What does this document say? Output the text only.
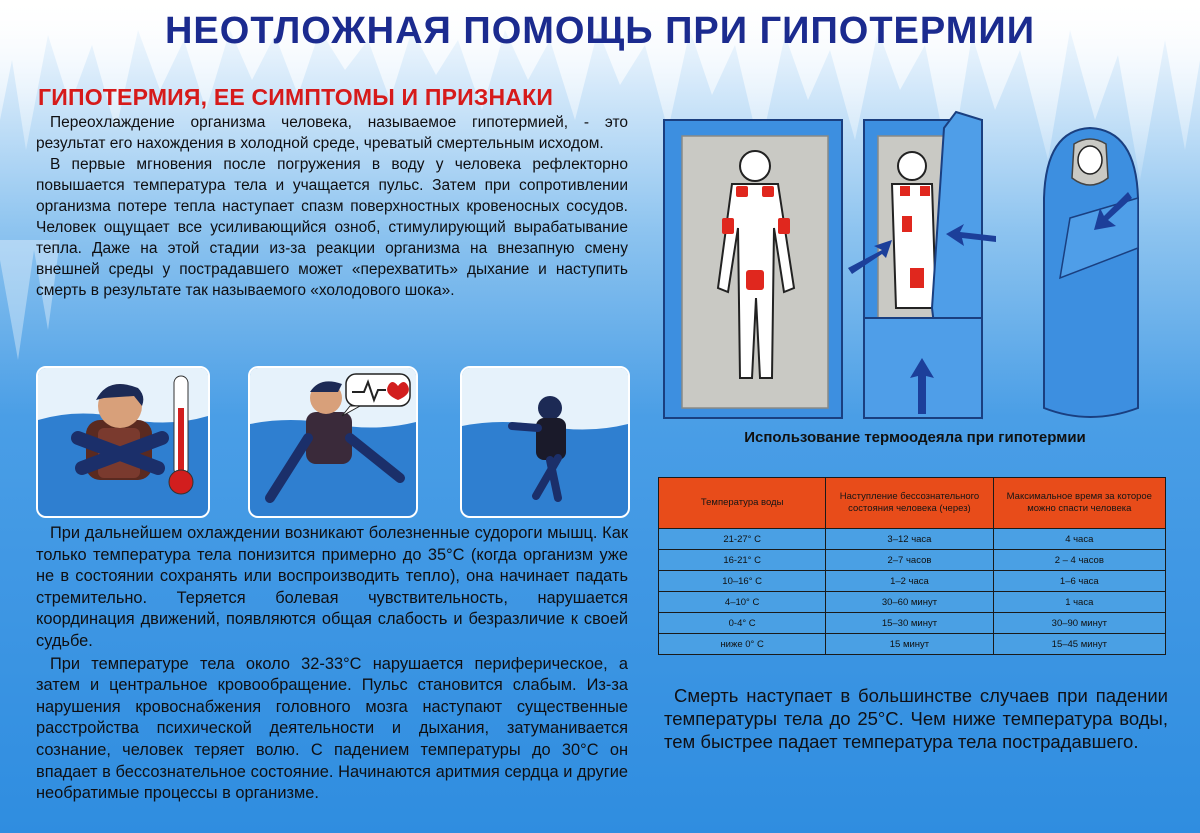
НЕОТЛОЖНАЯ ПОМОЩЬ ПРИ ГИПОТЕРМИИ
ГИПОТЕРМИЯ, ЕЕ СИМПТОМЫ И ПРИЗНАКИ

Переохлаждение организма человека, называемое гипотермией, - это результат его нахождения в холодной среде, чреватый смертельным исходом.

В первые мгновения после погружения в воду у человека рефлекторно повышается температура тела и учащается пульс. Затем при сопротивлении организма потере тепла наступает спазм поверхностных кровеносных сосудов. Человек ощущает все усиливающийся озноб, стимулирующий вырабатывание тепла. Даже на этой стадии из-за реакции организма на внезапную смену внешней среды у пострадавшего может «перехватить» дыхание и наступить смерть в результате так называемого «холодового шока».

При дальнейшем охлаждении возникают болезненные судороги мышц. Как только температура тела понизится примерно до 35°С (когда организм уже не в состоянии сохранять или воспроизводить тепло), она начинает падать стремительно. Теряется болевая чувствительность, нарушается координация движений, появляются общая слабость и безразличие к своей судьбе.

При температуре тела около 32-33°С нарушается периферическое, а затем и центральное кровообращение. Пульс становится слабым. Из-за нарушения кровоснабжения головного мозга наступают существенные расстройства психической деятельности и дыхания, затуманивается сознание, человек теряет волю. С падением температуры до 30°С он впадает в бессознательное состояние. Начинаются аритмия сердца и другие необратимые процессы в организме.

Использование термоодеяла при гипотермии

Температура воды	Наступление бессознательного состояния человека (через)	Максимальное время за которое можно спасти человека
21-27° С	3–12 часа	4 часа
16-21° С	2–7 часов	2 – 4 часов
10–16° С	1–2 часа	1–6 часа
4–10° С	30–60 минут	1 часа
0-4° С	15–30 минут	30–90 минут
ниже 0° С	15 минут	15–45 минут

Смерть наступает в большинстве случаев при падении температуры тела до 25°С. Чем ниже температура воды, тем быстрее падает температура тела пострадавшего.
